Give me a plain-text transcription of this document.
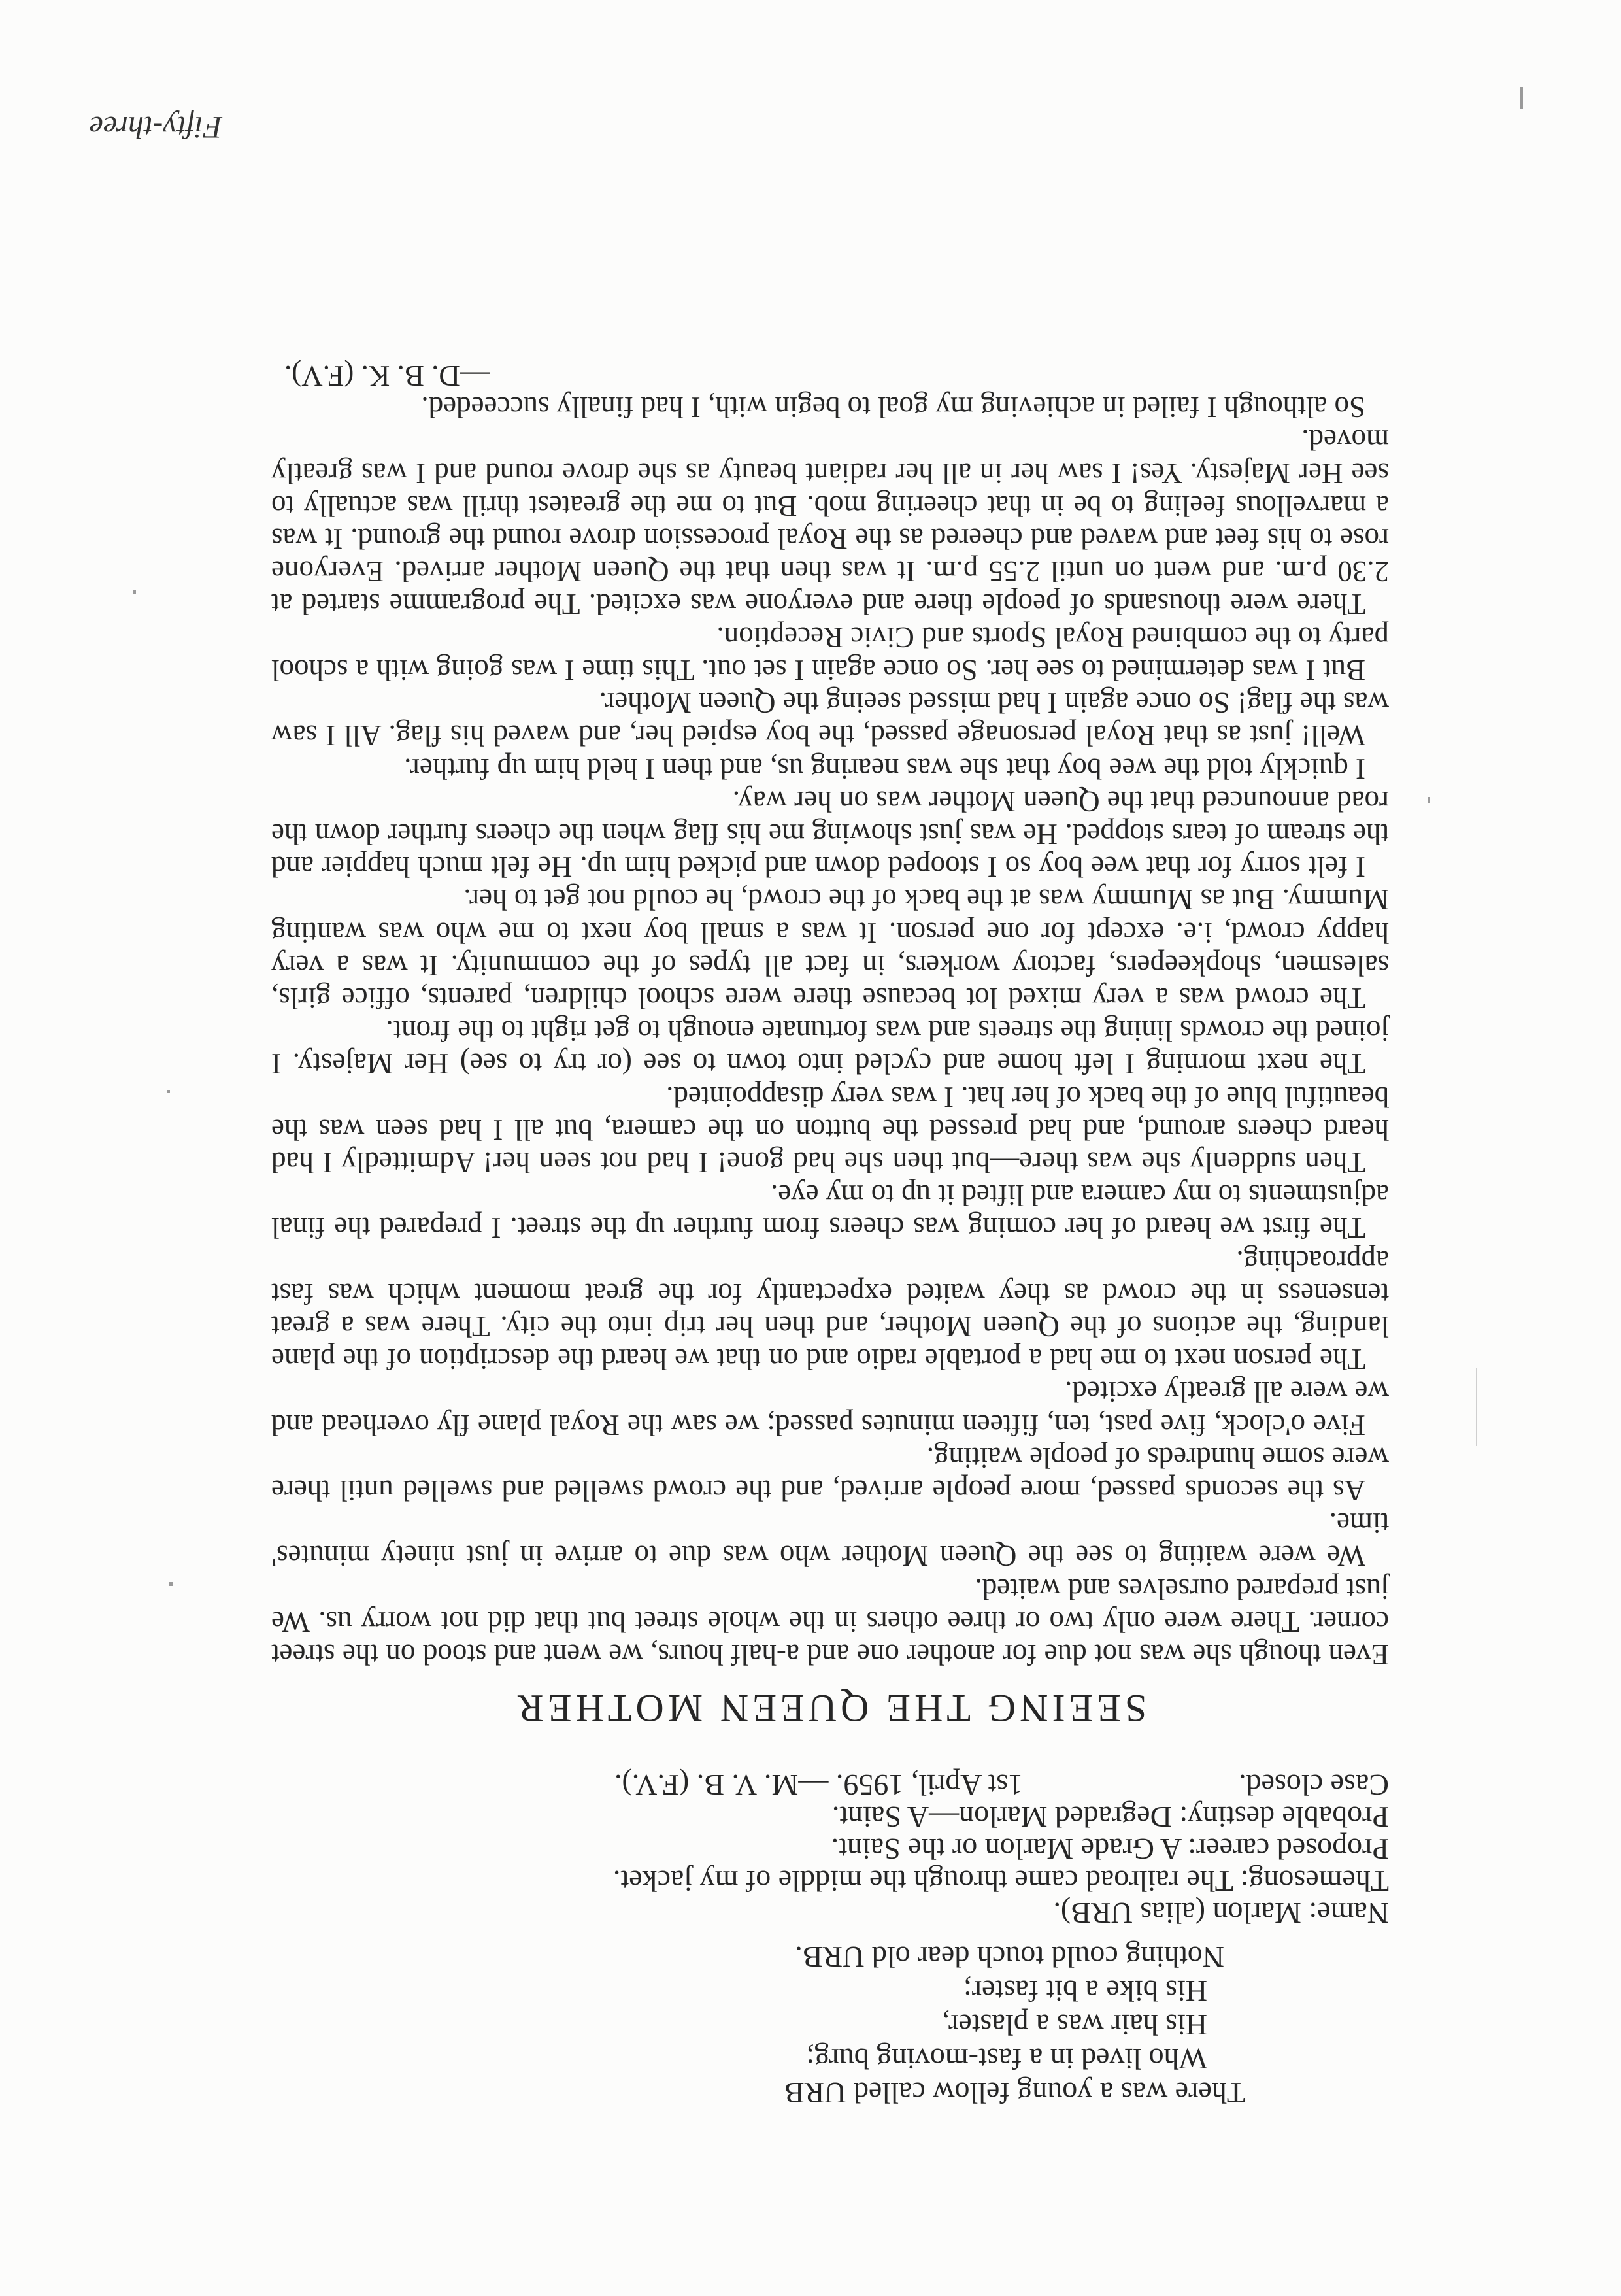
There was a young fellow called URB
Who lived in a fast-moving burg;
His hair was a plaster,
His bike a bit faster;
Nothing could touch dear old URB.
Name: Marlon (alias URB).
Themesong: The railroad came through the middle of my jacket.
Proposed career: A Grade Marlon or the Saint.
Probable destiny: Degraded Marlon—A Saint.
Case closed.1st April, 1959. —M. V. B. (F.V.).
SEEING THE QUEEN MOTHER

Even though she was not due for another one and a-half hours, we went and stood on the street corner. There were only two or three others in the whole street but that did not worry us. We just prepared ourselves and waited.

We were waiting to see the Queen Mother who was due to arrive in just ninety minutes' time.

As the seconds passed, more people arrived, and the crowd swelled and swelled until there were some hundreds of people waiting.

Five o'clock, five past, ten, fifteen minutes passed; we saw the Royal plane fly overhead and we were all greatly excited.

The person next to me had a portable radio and on that we heard the description of the plane landing, the actions of the Queen Mother, and then her trip into the city. There was a great tenseness in the crowd as they waited expectantly for the great moment which was fast approaching.

The first we heard of her coming was cheers from further up the street. I prepared the final adjustments to my camera and lifted it up to my eye.

Then suddenly she was there—but then she had gone! I had not seen her! Admittedly I had heard cheers around, and had pressed the button on the camera, but all I had seen was the beautiful blue of the back of her hat. I was very disappointed.

The next morning I left home and cycled into town to see (or try to see) Her Majesty. I joined the crowds lining the streets and was fortunate enough to get right to the front.

The crowd was a very mixed lot because there were school children, parents, office girls, salesmen, shopkeepers, factory workers, in fact all types of the community. It was a very happy crowd, i.e. except for one person. It was a small boy next to me who was wanting Mummy. But as Mummy was at the back of the crowd, he could not get to her.

I felt sorry for that wee boy so I stooped down and picked him up. He felt much happier and the stream of tears stopped. He was just showing me his flag when the cheers further down the road announced that the Queen Mother was on her way.

I quickly told the wee boy that she was nearing us, and then I held him up further.

Well! just as that Royal personage passed, the boy espied her, and waved his flag. All I saw was the flag! So once again I had missed seeing the Queen Mother.

But I was determined to see her. So once again I set out. This time I was going with a school party to the combined Royal Sports and Civic Reception.

There were thousands of people there and everyone was excited. The programme started at 2.30 p.m. and went on until 2.55 p.m. It was then that the Queen Mother arrived. Everyone rose to his feet and waved and cheered as the Royal procession drove round the ground. It was a marvellous feeling to be in that cheering mob. But to me the greatest thrill was actually to see Her Majesty. Yes! I saw her in all her radiant beauty as she drove round and I was greatly moved.

So although I failed in achieving my goal to begin with, I had finally succeeded.

—D. B. K. (F.V).
Fifty-three
